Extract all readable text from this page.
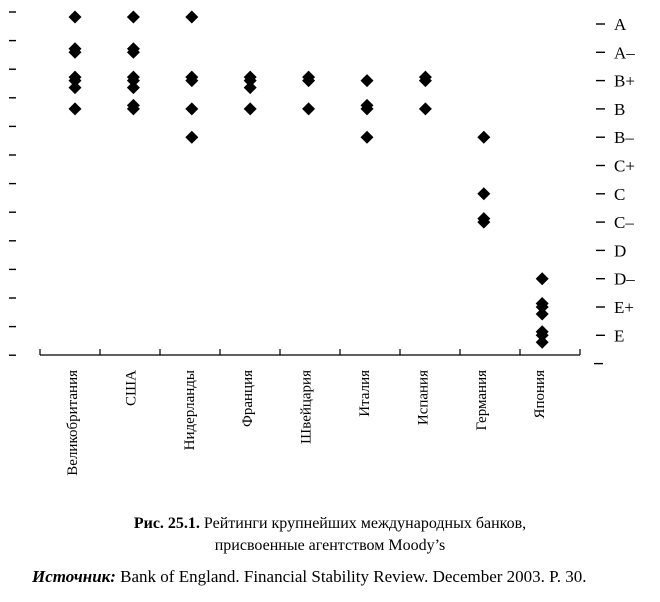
Великобритания	США	Нидерланды	Франция	Швейцария	Италия	Испания	Германия	Япония
A
A–
B+
B
B–
C+
C
C–
D
D–
E+
E
Рис. 25.1. Рейтинги крупнейших международных банков,
присвоенные агентством Moody’s
Источник: Bank of England. Financial Stability Review. December 2003. P. 30.
